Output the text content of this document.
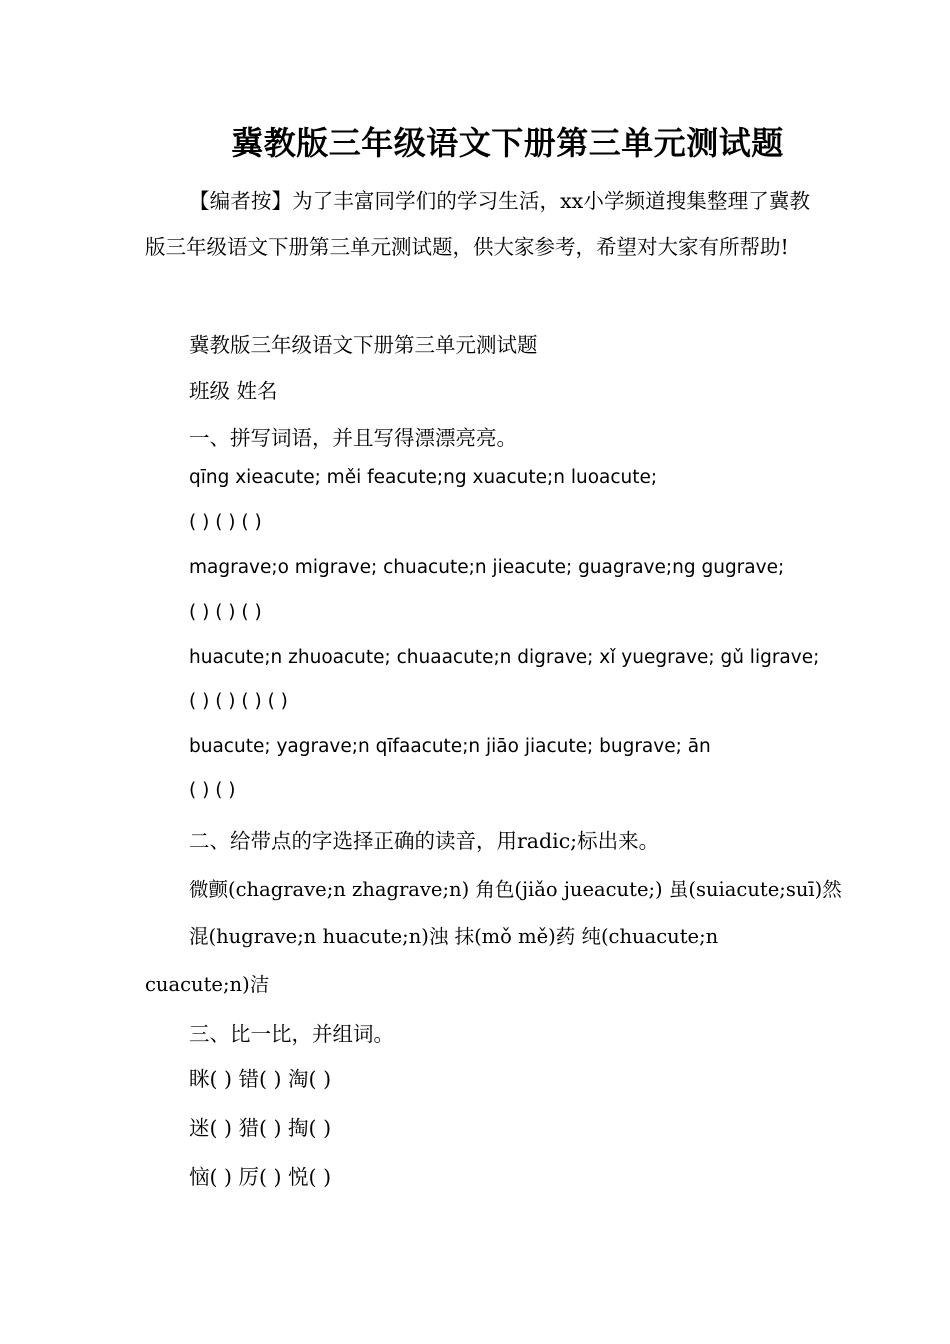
冀教版三年级语文下册第三单元测试题

【编者按】为了丰富同学们的学习生活，xx小学频道搜集整理了冀教版三年级语文下册第三单元测试题，供大家参考，希望对大家有所帮助!

冀教版三年级语文下册第三单元测试题

班级 姓名

一、拼写词语，并且写得漂漂亮亮。

qīng xieacute; měi feacute;ng xuacute;n luoacute;

( ) ( ) ( )

magrave;o migrave; chuacute;n jieacute; guagrave;ng gugrave;

( ) ( ) ( )

huacute;n zhuoacute; chuaacute;n digrave; xǐ yuegrave; gǔ ligrave;

( ) ( ) ( ) ( )

buacute; yagrave;n qīfaacute;n jiāo jiacute; bugrave; ān

( ) ( )

二、给带点的字选择正确的读音，用radic;标出来。

微颤(chagrave;n zhagrave;n) 角色(jiǎo jueacute;) 虽(suiacute;suī)然

混(hugrave;n huacute;n)浊 抹(mǒ mě)药 纯(chuacute;n cuacute;n)洁

三、比一比，并组词。

眯( ) 错( ) 淘( )

迷( ) 猎( ) 掏( )

恼( ) 厉( ) 悦( )
